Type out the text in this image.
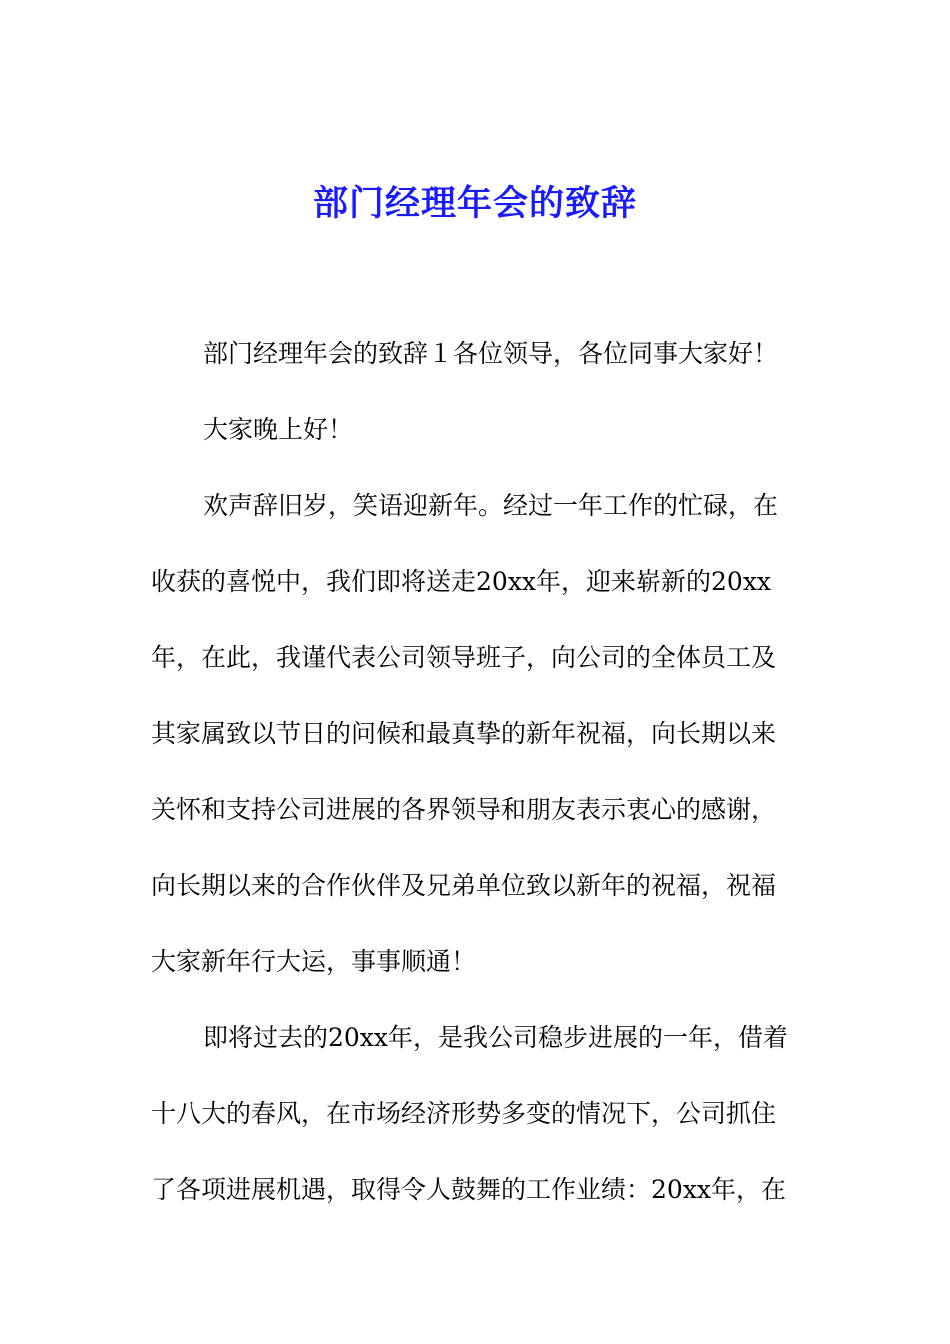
部门经理年会的致辞

部门经理年会的致辞１各位领导，各位同事大家好！

大家晚上好！

欢声辞旧岁，笑语迎新年。经过一年工作的忙碌，在

收获的喜悦中，我们即将送走20xx年，迎来崭新的20xx

年，在此，我谨代表公司领导班子，向公司的全体员工及

其家属致以节日的问候和最真挚的新年祝福，向长期以来

关怀和支持公司进展的各界领导和朋友表示衷心的感谢，

向长期以来的合作伙伴及兄弟单位致以新年的祝福，祝福

大家新年行大运，事事顺通！

即将过去的20xx年，是我公司稳步进展的一年，借着

十八大的春风，在市场经济形势多变的情况下，公司抓住

了各项进展机遇，取得令人鼓舞的工作业绩：20xx年，在
